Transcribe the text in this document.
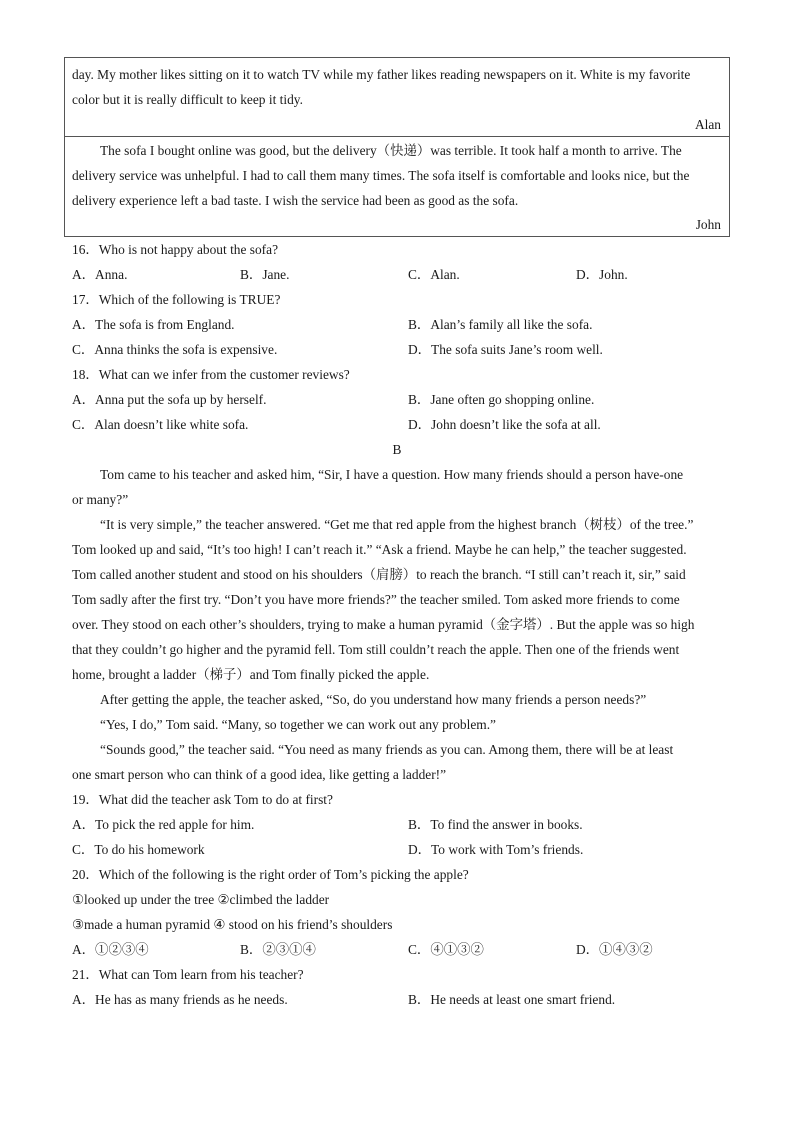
day. My mother likes sitting on it to watch TV while my father likes reading newspapers on it. White is my favorite
color but it is really difficult to keep it tidy.
Alan
The sofa I bought online was good, but the delivery（快递）was terrible. It took half a month to arrive. The
delivery service was unhelpful. I had to call them many times. The sofa itself is comfortable and looks nice, but the
delivery experience left a bad taste. I wish the service had been as good as the sofa.
John
16．Who is not happy about the sofa?
A．Anna.	B．Jane.	C．Alan.	D．John.
17．Which of the following is TRUE?
A．The sofa is from England.	B．Alan’s family all like the sofa.
C．Anna thinks the sofa is expensive.	D．The sofa suits Jane’s room well.
18．What can we infer from the customer reviews?
A．Anna put the sofa up by herself.	B．Jane often go shopping online.
C．Alan doesn’t like white sofa.	D．John doesn’t like the sofa at all.
B
Tom came to his teacher and asked him, “Sir, I have a question. How many friends should a person have-one
or many?”
“It is very simple,” the teacher answered. “Get me that red apple from the highest branch（树枝）of the tree.”
Tom looked up and said, “It’s too high! I can’t reach it.” “Ask a friend. Maybe he can help,” the teacher suggested.
Tom called another student and stood on his shoulders（肩膀）to reach the branch. “I still can’t reach it, sir,” said
Tom sadly after the first try. “Don’t you have more friends?” the teacher smiled. Tom asked more friends to come
over. They stood on each other’s shoulders, trying to make a human pyramid（金字塔）. But the apple was so high
that they couldn’t go higher and the pyramid fell. Tom still couldn’t reach the apple. Then one of the friends went
home, brought a ladder（梯子）and Tom finally picked the apple.
After getting the apple, the teacher asked, “So, do you understand how many friends a person needs?”
“Yes, I do,” Tom said. “Many, so together we can work out any problem.”
“Sounds good,” the teacher said. “You need as many friends as you can. Among them, there will be at least
one smart person who can think of a good idea, like getting a ladder!”
19．What did the teacher ask Tom to do at first?
A．To pick the red apple for him.	B．To find the answer in books.
C．To do his homework	D．To work with Tom’s friends.
20．Which of the following is the right order of Tom’s picking the apple?
①looked up under the tree ②climbed the ladder
③made a human pyramid ④ stood on his friend’s shoulders
A．①②③④	B．②③①④	C．④①③②	D．①④③②
21．What can Tom learn from his teacher?
A．He has as many friends as he needs.	B．He needs at least one smart friend.
